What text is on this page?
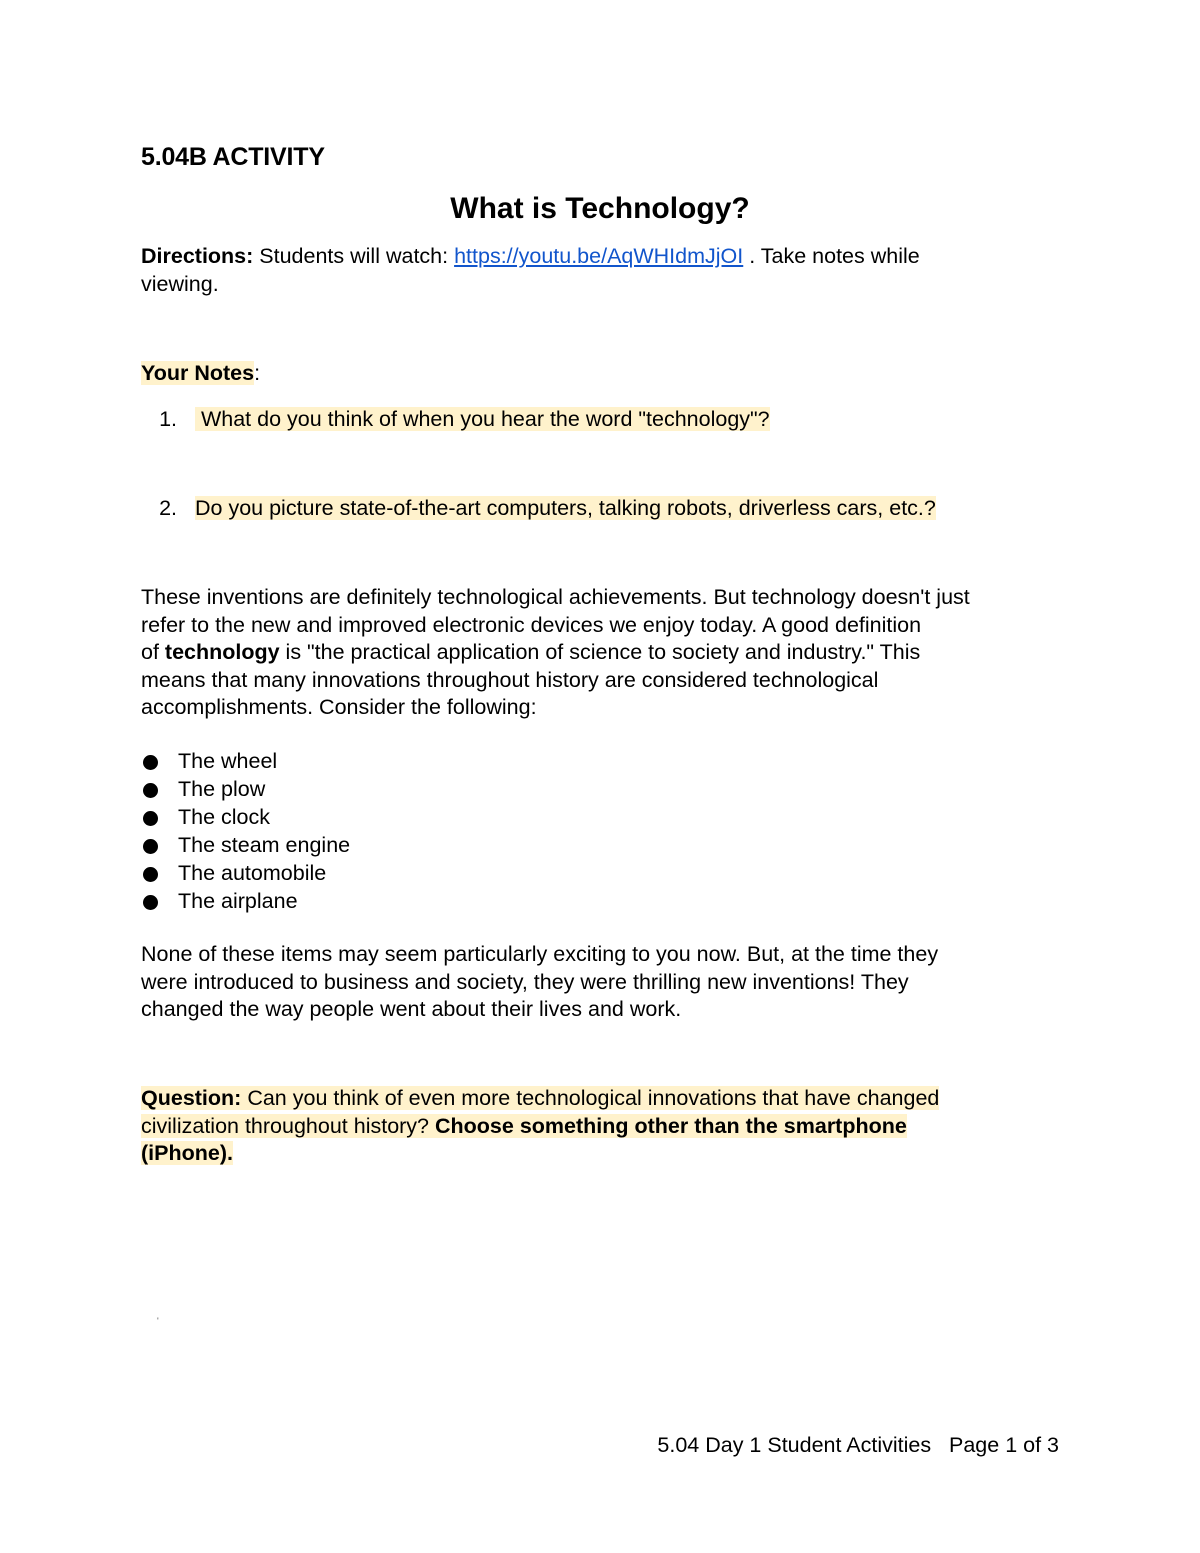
5.04B ACTIVITY
What is Technology?
Directions: Students will watch: https://youtu.be/AqWHIdmJjOI . Take notes while
viewing.
Your Notes:
1. What do you think of when you hear the word "technology"?
2. Do you picture state-of-the-art computers, talking robots, driverless cars, etc.?
These inventions are definitely technological achievements. But technology doesn't just
refer to the new and improved electronic devices we enjoy today. A good definition
of technology is "the practical application of science to society and industry." This
means that many innovations throughout history are considered technological
accomplishments. Consider the following:
The wheel
The plow
The clock
The steam engine
The automobile
The airplane
None of these items may seem particularly exciting to you now. But, at the time they
were introduced to business and society, they were thrilling new inventions! They
changed the way people went about their lives and work.
Question: Can you think of even more technological innovations that have changed
civilization throughout history? Choose something other than the smartphone
(iPhone).
'
5.04 Day 1 Student Activities   Page 1 of 3
